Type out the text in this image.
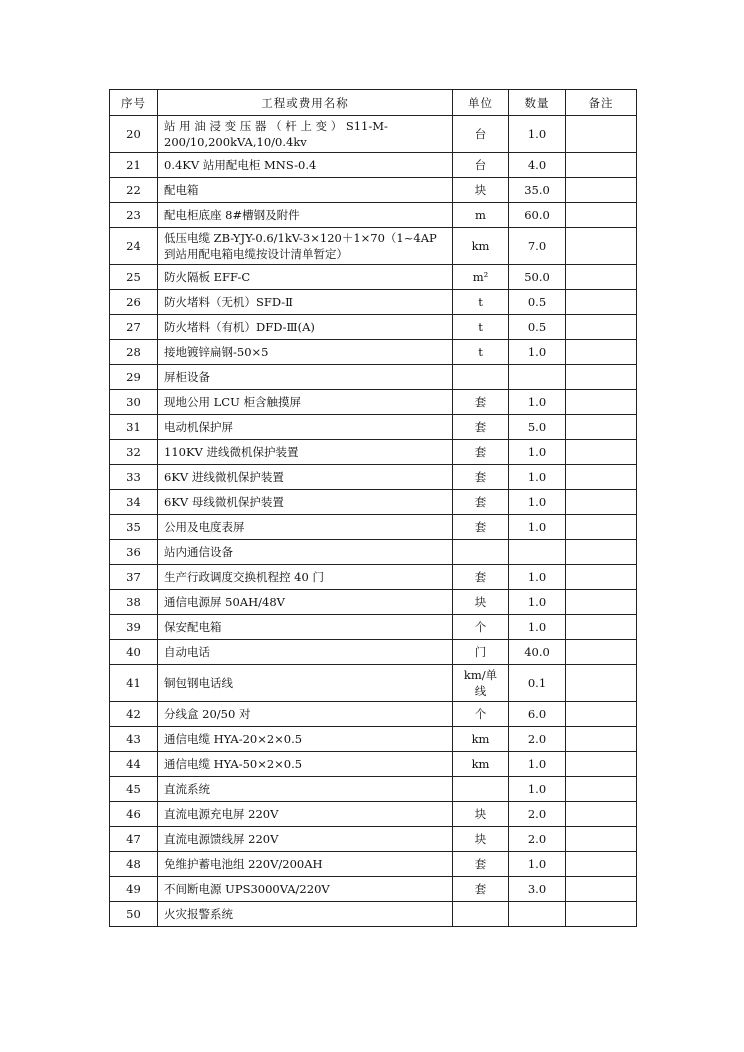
序号	工程或费用名称	单位	数量	备注
20	站 用 油 浸 变 压 器 （ 杆 上 变 ） S11-M-200/10,200kVA,10/0.4kv	台	1.0	
21	0.4KV 站用配电柜 MNS-0.4	台	4.0	
22	配电箱	块	35.0	
23	配电柜底座 8#槽钢及附件	m	60.0	
24	低压电缆 ZB-YJY-0.6/1kV-3×120＋1×70（1~4AP 到站用配电箱电缆按设计清单暂定）	km	7.0	
25	防火隔板 EFF-C	m²	50.0	
26	防火堵料（无机）SFD-Ⅱ	t	0.5	
27	防火堵料（有机）DFD-Ⅲ(A)	t	0.5	
28	接地镀锌扁钢-50×5	t	1.0	
29	屏柜设备			
30	现地公用 LCU 柜含触摸屏	套	1.0	
31	电动机保护屏	套	5.0	
32	110KV 进线微机保护装置	套	1.0	
33	6KV 进线微机保护装置	套	1.0	
34	6KV 母线微机保护装置	套	1.0	
35	公用及电度表屏	套	1.0	
36	站内通信设备			
37	生产行政调度交换机程控 40 门	套	1.0	
38	通信电源屏 50AH/48V	块	1.0	
39	保安配电箱	个	1.0	
40	自动电话	门	40.0	
41	铜包钢电话线	km/单线	0.1	
42	分线盒 20/50 对	个	6.0	
43	通信电缆 HYA-20×2×0.5	km	2.0	
44	通信电缆 HYA-50×2×0.5	km	1.0	
45	直流系统		1.0	
46	直流电源充电屏 220V	块	2.0	
47	直流电源馈线屏 220V	块	2.0	
48	免维护蓄电池组 220V/200AH	套	1.0	
49	不间断电源 UPS3000VA/220V	套	3.0	
50	火灾报警系统			
